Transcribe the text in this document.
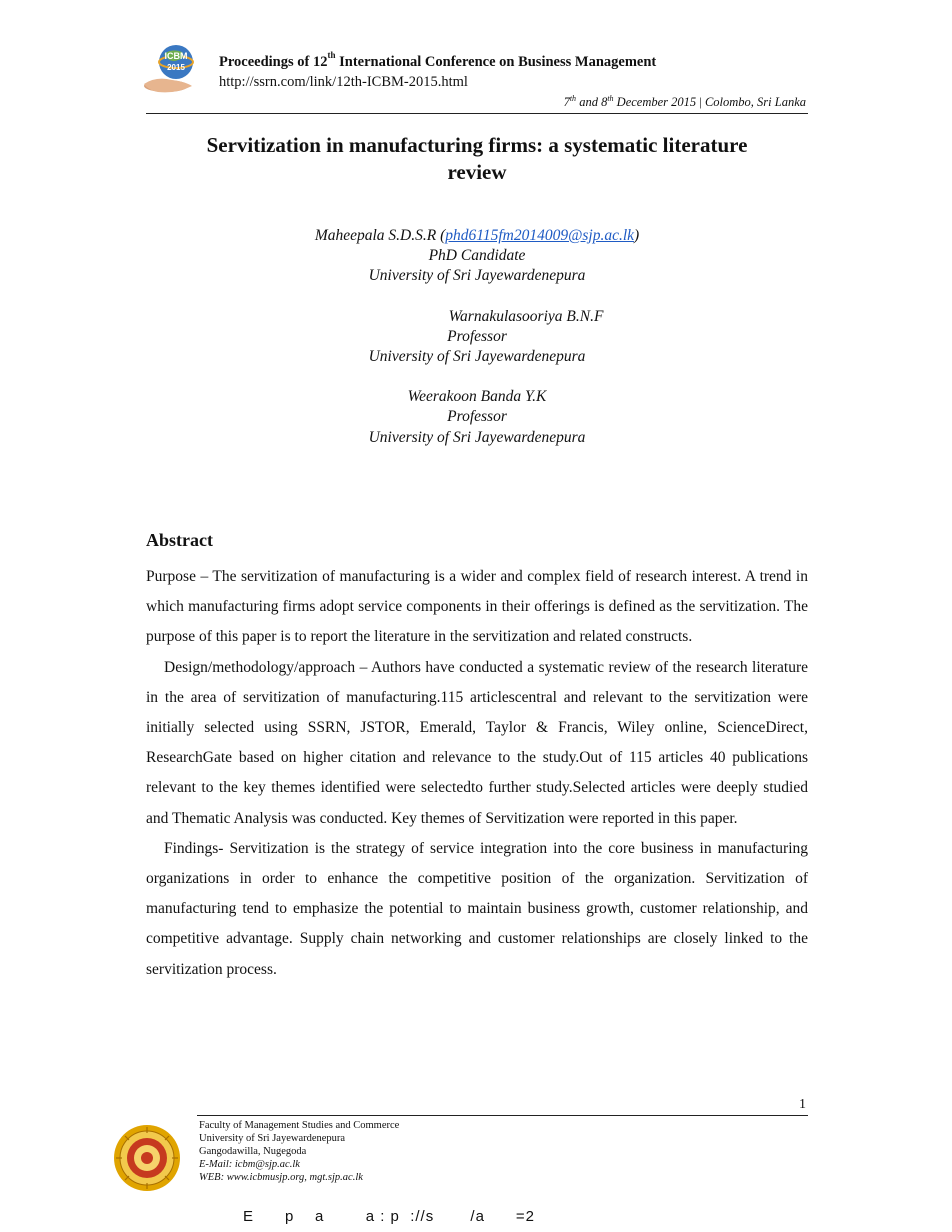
ICBM
2015 Proceedings of 12th International Conference on Business Management
http://ssrn.com/link/12th-ICBM-2015.html
7th and 8th December 2015 | Colombo, Sri Lanka
Servitization in manufacturing firms: a systematic literature
review
Maheepala S.D.S.R (phd6115fm2014009@sjp.ac.lk)
PhD Candidate
University of Sri Jayewardenepura
Warnakulasooriya B.N.F
Professor
University of Sri Jayewardenepura
Weerakoon Banda Y.K
Professor
University of Sri Jayewardenepura
Abstract

Purpose – The servitization of manufacturing is a wider and complex field of research interest. A trend in which manufacturing firms adopt service components in their offerings is defined as the servitization. The purpose of this paper is to report the literature in the servitization and related constructs.

Design/methodology/approach – Authors have conducted a systematic review of the research literature in the area of servitization of manufacturing.115 articlescentral and relevant to the servitization were initially selected using SSRN, JSTOR, Emerald, Taylor & Francis, Wiley online, ScienceDirect, ResearchGate based on higher citation and relevance to the study.Out of 115 articles 40 publications relevant to the key themes identified were selectedto further study.Selected articles were deeply studied and Thematic Analysis was conducted. Key themes of Servitization were reported in this paper.

Findings- Servitization is the strategy of service integration into the core business in manufacturing organizations in order to enhance the competitive position of the organization. Servitization of manufacturing tend to emphasize the potential to maintain business growth, customer relationship, and competitive advantage. Supply chain networking and customer relationships are closely linked to the servitization process.

1
Faculty of Management Studies and Commerce
University of Sri Jayewardenepura
Gangodawilla, Nugegoda
E-Mail: icbm@sjp.ac.lk
WEB: www.icbmusjp.org, mgt.sjp.ac.lk
E      p    a        a : p  ://s       /a      =2
